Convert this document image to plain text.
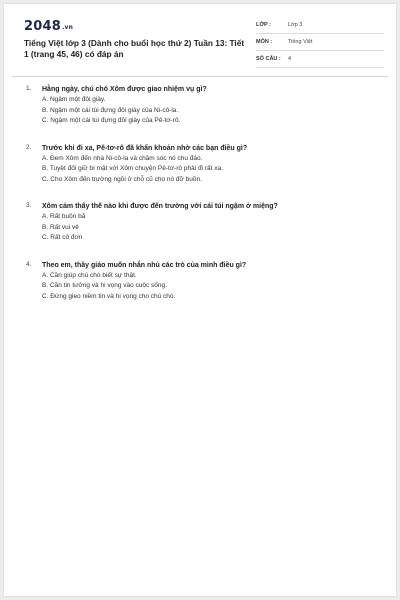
2048.vn
Tiếng Việt lớp 3 (Dành cho buổi học thứ 2) Tuần 13: Tiết 1 (trang 45, 46) có đáp án
LỚP :	Lớp 3
MÔN :	Tiếng Việt
SỐ CÂU :	4
1. Hằng ngày, chú chó Xôm được giao nhiệm vụ gì?
A. Ngậm một đôi giày.
B. Ngậm một cái túi đựng đôi giày của Ni-cô-la.
C. Ngậm một cái túi đựng đôi giày của Pê-tơ-rô.
2. Trước khi đi xa, Pê-tơ-rô đã khẩn khoản nhờ các bạn điều gì?
A. Đem Xôm đến nhà Ni-cô-la và chăm sóc nó chu đáo.
B. Tuyệt đối giữ bí mật với Xôm chuyện Pê-tơ-rô phải đi rất xa.
C. Cho Xôm đến trường ngồi ở chỗ cũ cho nó đỡ buồn.
3. Xôm cảm thấy thế nào khi được đến trường với cái túi ngậm ở miệng?
A. Rất buồn bã
B. Rất vui vẻ
C. Rất cô đơn
4. Theo em, thầy giáo muốn nhắn nhủ các trò của mình điều gì?
A. Cần giúp chú chó biết sự thật.
B. Cần tin tưởng và hi vọng vào cuộc sống.
C. Đừng gieo niềm tin và hi vọng cho chú chó.
